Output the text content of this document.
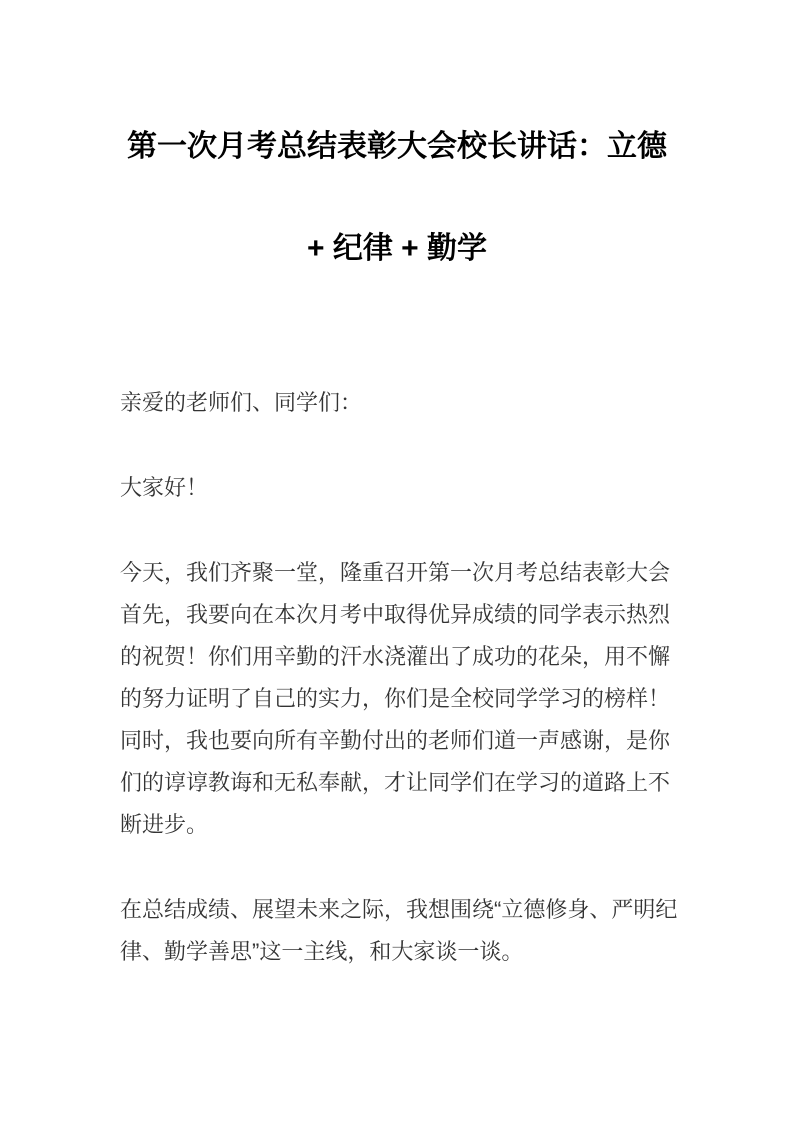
第一次月考总结表彰大会校长讲话：立德
+ 纪律 + 勤学

亲爱的老师们、同学们：

大家好！

今天，我们齐聚一堂，隆重召开第一次月考总结表彰大会
首先，我要向在本次月考中取得优异成绩的同学表示热烈
的祝贺！你们用辛勤的汗水浇灌出了成功的花朵，用不懈
的努力证明了自己的实力，你们是全校同学学习的榜样！
同时，我也要向所有辛勤付出的老师们道一声感谢，是你
们的谆谆教诲和无私奉献，才让同学们在学习的道路上不
断进步。

在总结成绩、展望未来之际，我想围绕“立德修身、严明纪
律、勤学善思”这一主线，和大家谈一谈。
